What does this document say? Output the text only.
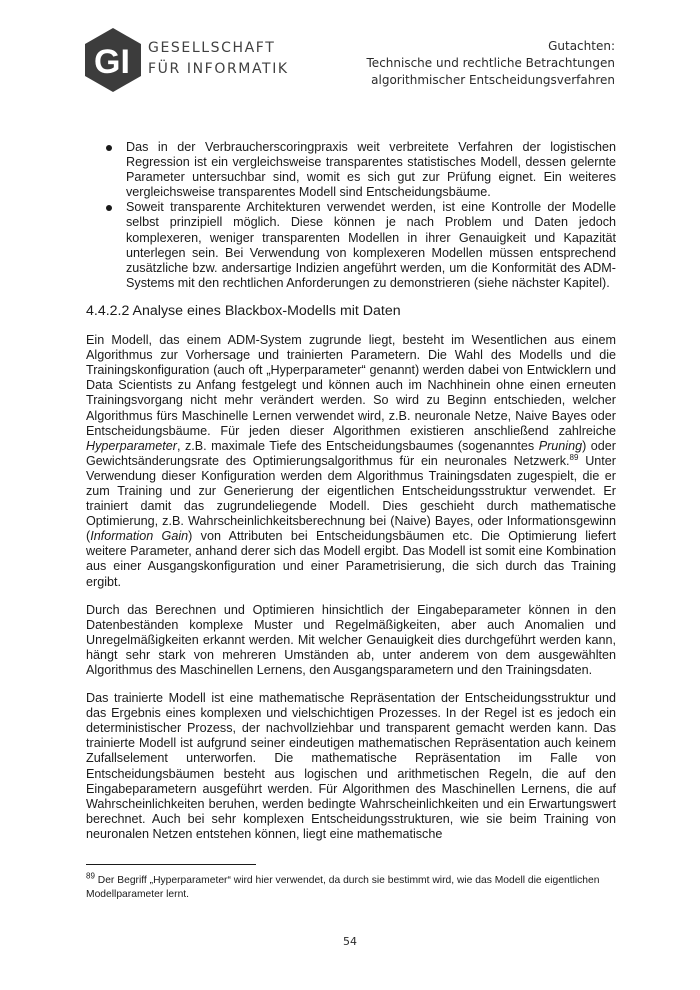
GI GESELLSCHAFT
FÜR INFORMATIK
Gutachten:
Technische und rechtliche Betrachtungen
algorithmischer Entscheidungsverfahren
Das in der Verbraucherscoringpraxis weit verbreitete Verfahren der logistischen Regression ist ein vergleichsweise transparentes statistisches Modell, dessen gelernte Parameter untersuchbar sind, womit es sich gut zur Prüfung eignet. Ein weiteres vergleichsweise transparentes Modell sind Entscheidungsbäume.
Soweit transparente Architekturen verwendet werden, ist eine Kontrolle der Modelle selbst prinzipiell möglich. Diese können je nach Problem und Daten jedoch komplexeren, weniger transparenten Modellen in ihrer Genauigkeit und Kapazität unterlegen sein. Bei Verwendung von komplexeren Modellen müssen entsprechend zusätzliche bzw. andersartige Indizien angeführt werden, um die Konformität des ADM-Systems mit den rechtlichen Anforderungen zu demonstrieren (siehe nächster Kapitel).
4.4.2.2 Analyse eines Blackbox-Modells mit Daten

Ein Modell, das einem ADM-System zugrunde liegt, besteht im Wesentlichen aus einem Algorithmus zur Vorhersage und trainierten Parametern. Die Wahl des Modells und die Trainingskonfiguration (auch oft „Hyperparameter“ genannt) werden dabei von Entwicklern und Data Scientists zu Anfang festgelegt und können auch im Nachhinein ohne einen erneuten Trainingsvorgang nicht mehr verändert werden. So wird zu Beginn entschieden, welcher Algorithmus fürs Maschinelle Lernen verwendet wird, z.B. neuronale Netze, Naive Bayes oder Entscheidungsbäume. Für jeden dieser Algorithmen existieren anschließend zahlreiche Hyperparameter, z.B. maximale Tiefe des Entscheidungsbaumes (sogenanntes Pruning) oder Gewichtsänderungsrate des Optimierungsalgorithmus für ein neuronales Netzwerk.$^{89}$ Unter Verwendung dieser Konfiguration werden dem Algorithmus Trainingsdaten zugespielt, die er zum Training und zur Generierung der eigentlichen Entscheidungsstruktur verwendet. Er trainiert damit das zugrundeliegende Modell. Dies geschieht durch mathematische Optimierung, z.B. Wahrscheinlichkeitsberechnung bei (Naive) Bayes, oder Informationsgewinn (Information Gain) von Attributen bei Entscheidungsbäumen etc. Die Optimierung liefert weitere Parameter, anhand derer sich das Modell ergibt. Das Modell ist somit eine Kombination aus einer Ausgangskonfiguration und einer Parametrisierung, die sich durch das Training ergibt.

Durch das Berechnen und Optimieren hinsichtlich der Eingabeparameter können in den Datenbeständen komplexe Muster und Regelmäßigkeiten, aber auch Anomalien und Unregelmäßigkeiten erkannt werden. Mit welcher Genauigkeit dies durchgeführt werden kann, hängt sehr stark von mehreren Umständen ab, unter anderem von dem ausgewählten Algorithmus des Maschinellen Lernens, den Ausgangsparametern und den Trainingsdaten.

Das trainierte Modell ist eine mathematische Repräsentation der Entscheidungsstruktur und das Ergebnis eines komplexen und vielschichtigen Prozesses. In der Regel ist es jedoch ein deterministischer Prozess, der nachvollziehbar und transparent gemacht werden kann. Das trainierte Modell ist aufgrund seiner eindeutigen mathematischen Repräsentation auch keinem Zufallselement unterworfen. Die mathematische Repräsentation im Falle von Entscheidungsbäumen besteht aus logischen und arithmetischen Regeln, die auf den Eingabeparametern ausgeführt werden. Für Algorithmen des Maschinellen Lernens, die auf Wahrscheinlichkeiten beruhen, werden bedingte Wahrscheinlichkeiten und ein Erwartungswert berechnet. Auch bei sehr komplexen Entscheidungsstrukturen, wie sie beim Training von neuronalen Netzen entstehen können, liegt eine mathematische

$^{89}$ Der Begriff „Hyperparameter“ wird hier verwendet, da durch sie bestimmt wird, wie das Modell die eigentlichen Modellparameter lernt.
54
